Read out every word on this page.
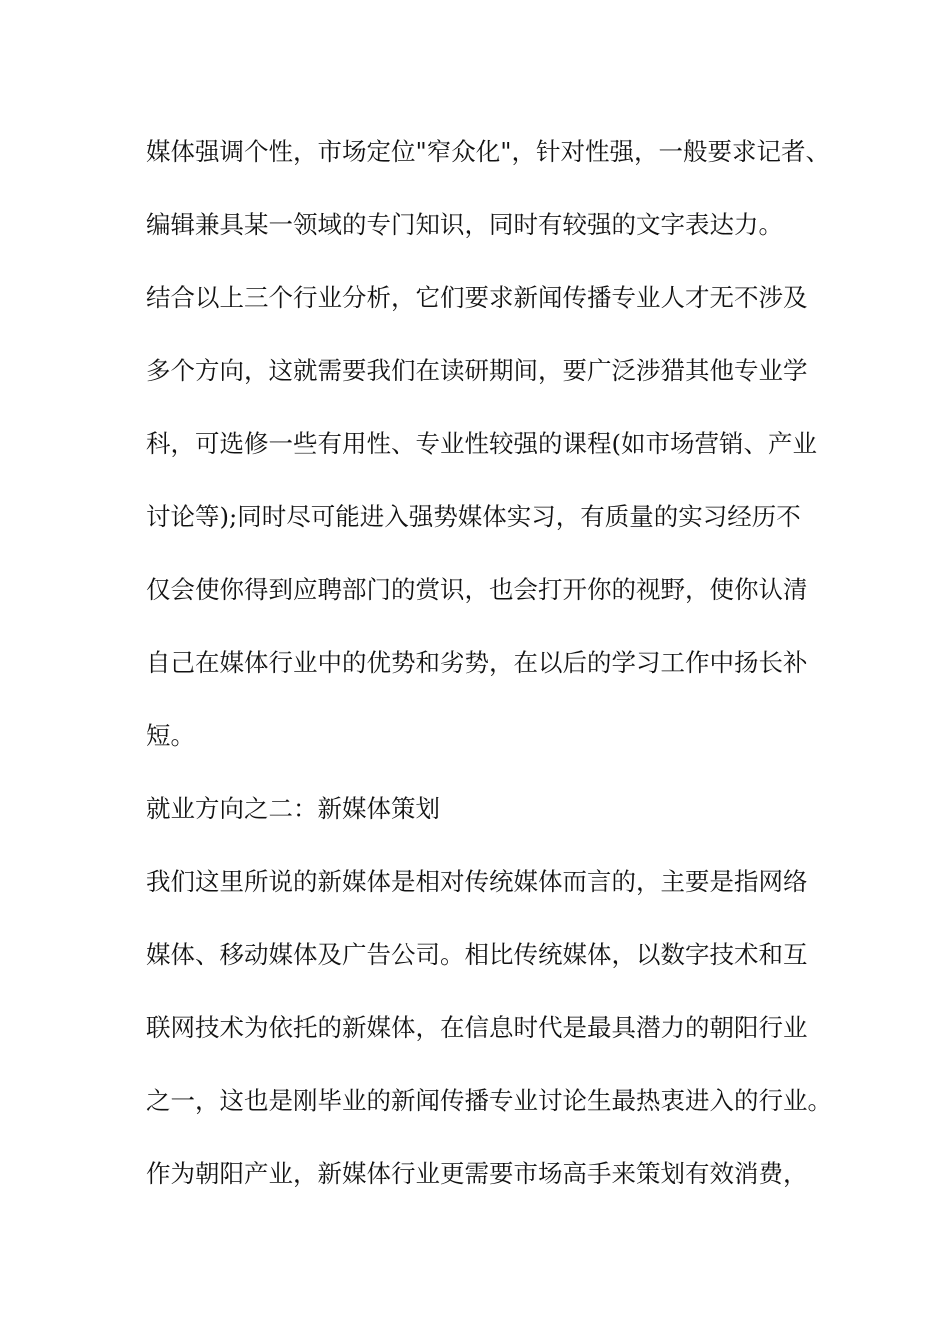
媒体强调个性，市场定位"窄众化"，针对性强，一般要求记者、
编辑兼具某一领域的专门知识，同时有较强的文字表达力。
结合以上三个行业分析，它们要求新闻传播专业人才无不涉及
多个方向，这就需要我们在读研期间，要广泛涉猎其他专业学
科，可选修一些有用性、专业性较强的课程(如市场营销、产业
讨论等);同时尽可能进入强势媒体实习，有质量的实习经历不
仅会使你得到应聘部门的赏识，也会打开你的视野，使你认清
自己在媒体行业中的优势和劣势，在以后的学习工作中扬长补
短。
就业方向之二：新媒体策划
我们这里所说的新媒体是相对传统媒体而言的，主要是指网络
媒体、移动媒体及广告公司。相比传统媒体，以数字技术和互
联网技术为依托的新媒体，在信息时代是最具潜力的朝阳行业
之一，这也是刚毕业的新闻传播专业讨论生最热衷进入的行业。
作为朝阳产业，新媒体行业更需要市场高手来策划有效消费，
